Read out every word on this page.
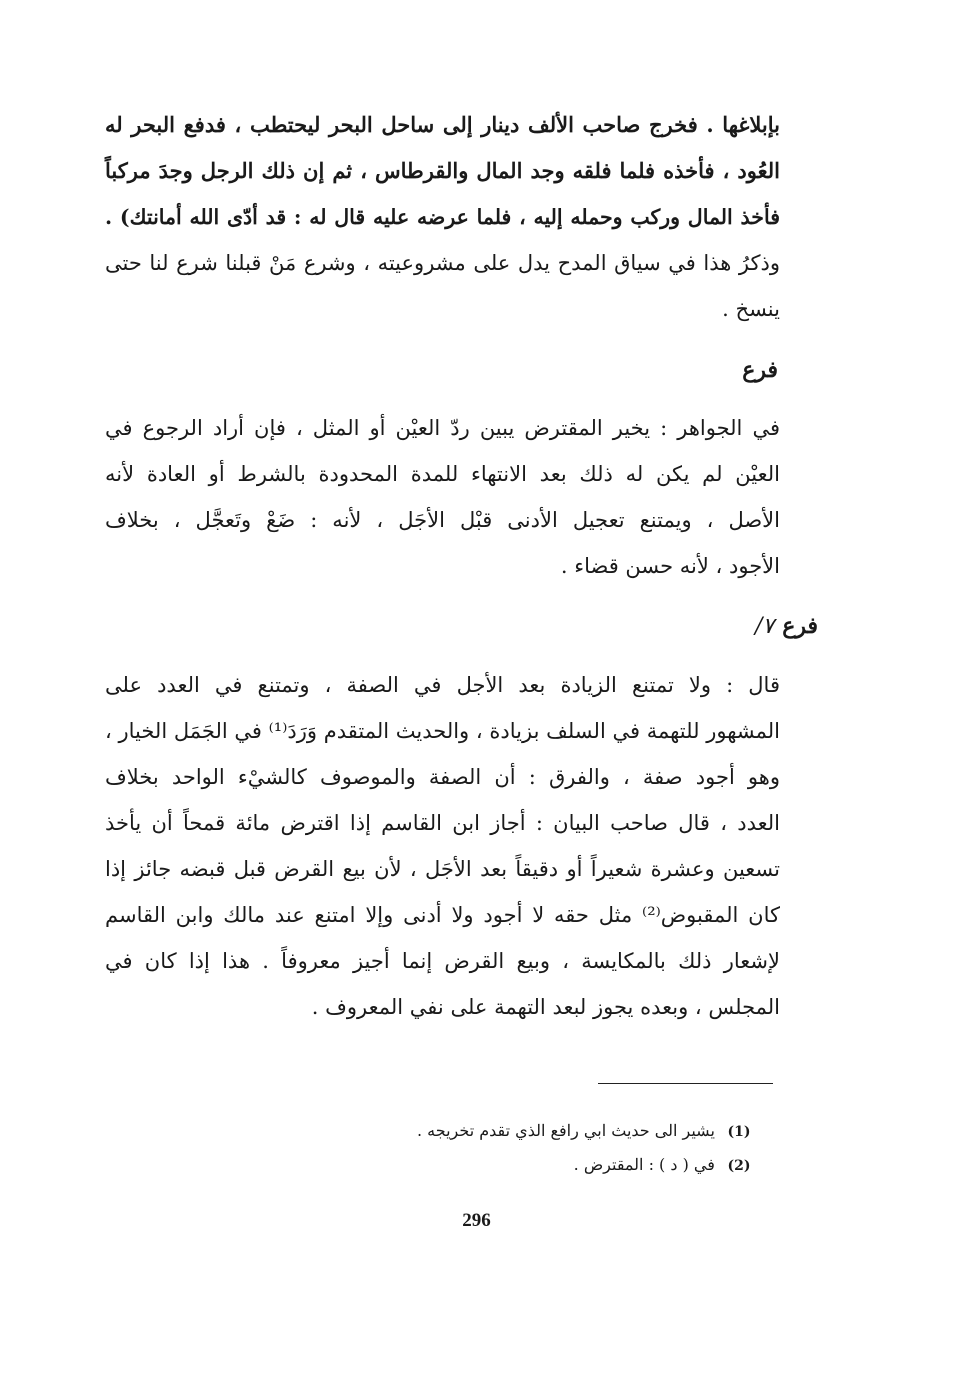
بإبلاغها . فخرج صاحب الألف دينار إلى ساحل البحر ليحتطب ، فدفع البحر له
العُود ، فأخذه فلما فلقه وجد المال والقرطاس ، ثم إن ذلك الرجل وجدَ مركباً
فأخذ المال وركب وحمله إليه ، فلما عرضه عليه قال له : قد أدّى الله أمانتك) .
وذكرُ هذا في سياق المدح يدل على مشروعيته ، وشرع مَنْ قبلنا شرع لنا حتى
ينسخ .
فرع
في الجواهر : يخير المقترض يبين ردّ العيْن أو المثل ، فإن أراد الرجوع في
العيْن لم يكن له ذلك بعد الانتهاء للمدة المحدودة بالشرط أو العادة لأنه
الأصل ، ويمتنع تعجيل الأدنى قبْل الأجَل ، لأنه : ضَعْ وتَعجَّل ، بخلاف
الأجود ، لأنه حسن قضاء .
فرع٧/
قال : ولا تمتنع الزيادة بعد الأجل في الصفة ، وتمتنع في العدد على
المشهور للتهمة في السلف بزيادة ، والحديث المتقدم وَرَدَ⁽¹⁾ في الجَمَل الخيار ،
وهو أجود صفة ، والفرق : أن الصفة والموصوف كالشيْء الواحد بخلاف
العدد ، قال صاحب البيان : أجاز ابن القاسم إذا اقترض مائة قمحاً أن يأخذ
تسعين وعشرة شعيراً أو دقيقاً بعد الأجَل ، لأن بيع القرض قبل قبضه جائز إذا
كان المقبوض⁽²⁾ مثل حقه لا أجود ولا أدنى وإلا امتنع عند مالك وابن القاسم
لإشعار ذلك بالمكايسة ، وبيع القرض إنما أجيز معروفاً . هذا إذا كان في
المجلس ، وبعده يجوز لبعد التهمة على نفي المعروف .
(1) يشير الى حديث ابي رافع الذي تقدم تخريجه .
(2) في ( د ) : المقترض .
296
